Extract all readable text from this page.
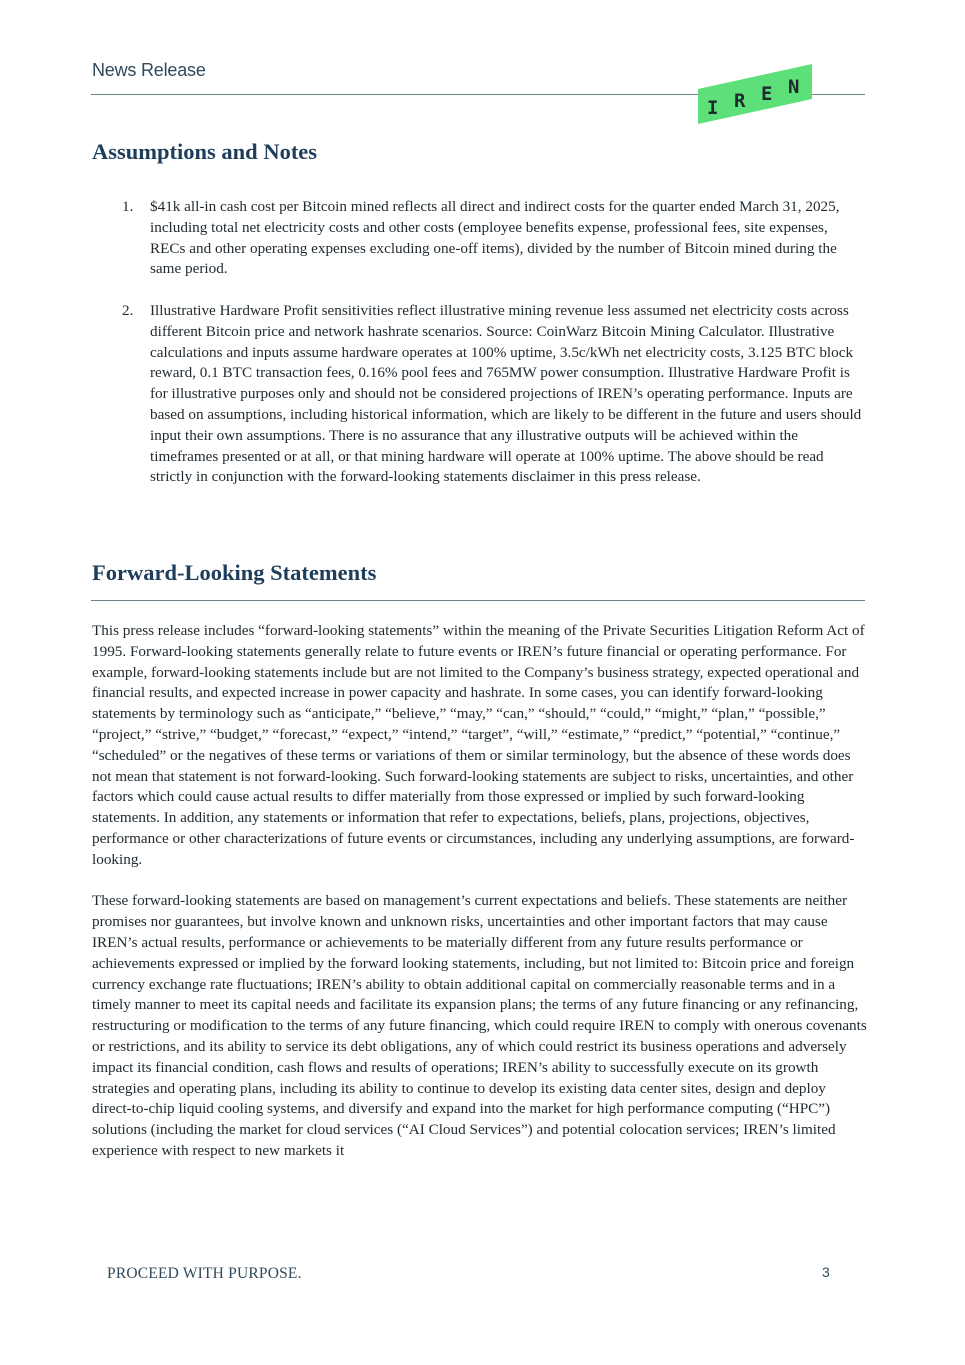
News Release
I R E N
Assumptions and Notes
1. $41k all-in cash cost per Bitcoin mined reflects all direct and indirect costs for the quarter ended March 31, 2025, including total net electricity costs and other costs (employee benefits expense, professional fees, site expenses, RECs and other operating expenses excluding one-off items), divided by the number of Bitcoin mined during the same period.
2. Illustrative Hardware Profit sensitivities reflect illustrative mining revenue less assumed net electricity costs across different Bitcoin price and network hashrate scenarios. Source: CoinWarz Bitcoin Mining Calculator. Illustrative calculations and inputs assume hardware operates at 100% uptime, 3.5c/kWh net electricity costs, 3.125 BTC block reward, 0.1 BTC transaction fees, 0.16% pool fees and 765MW power consumption. Illustrative Hardware Profit is for illustrative purposes only and should not be considered projections of IREN’s operating performance. Inputs are based on assumptions, including historical information, which are likely to be different in the future and users should input their own assumptions. There is no assurance that any illustrative outputs will be achieved within the timeframes presented or at all, or that mining hardware will operate at 100% uptime. The above should be read strictly in conjunction with the forward-looking statements disclaimer in this press release.
Forward-Looking Statements

This press release includes “forward-looking statements” within the meaning of the Private Securities Litigation Reform Act of 1995. Forward-looking statements generally relate to future events or IREN’s future financial or operating performance. For example, forward-looking statements include but are not limited to the Company’s business strategy, expected operational and financial results, and expected increase in power capacity and hashrate. In some cases, you can identify forward-looking statements by terminology such as “anticipate,” “believe,” “may,” “can,” “should,” “could,” “might,” “plan,” “possible,” “project,” “strive,” “budget,” “forecast,” “expect,” “intend,” “target”, “will,” “estimate,” “predict,” “potential,” “continue,” “scheduled” or the negatives of these terms or variations of them or similar terminology, but the absence of these words does not mean that statement is not forward-looking. Such forward-looking statements are subject to risks, uncertainties, and other factors which could cause actual results to differ materially from those expressed or implied by such forward-looking statements. In addition, any statements or information that refer to expectations, beliefs, plans, projections, objectives, performance or other characterizations of future events or circumstances, including any underlying assumptions, are forward-looking.

These forward-looking statements are based on management’s current expectations and beliefs. These statements are neither promises nor guarantees, but involve known and unknown risks, uncertainties and other important factors that may cause IREN’s actual results, performance or achievements to be materially different from any future results performance or achievements expressed or implied by the forward looking statements, including, but not limited to: Bitcoin price and foreign currency exchange rate fluctuations; IREN’s ability to obtain additional capital on commercially reasonable terms and in a timely manner to meet its capital needs and facilitate its expansion plans; the terms of any future financing or any refinancing, restructuring or modification to the terms of any future financing, which could require IREN to comply with onerous covenants or restrictions, and its ability to service its debt obligations, any of which could restrict its business operations and adversely impact its financial condition, cash flows and results of operations; IREN’s ability to successfully execute on its growth strategies and operating plans, including its ability to continue to develop its existing data center sites, design and deploy direct-to-chip liquid cooling systems, and diversify and expand into the market for high performance computing (“HPC”) solutions (including the market for cloud services (“AI Cloud Services”) and potential colocation services; IREN’s limited experience with respect to new markets it

PROCEED WITH PURPOSE.	3
